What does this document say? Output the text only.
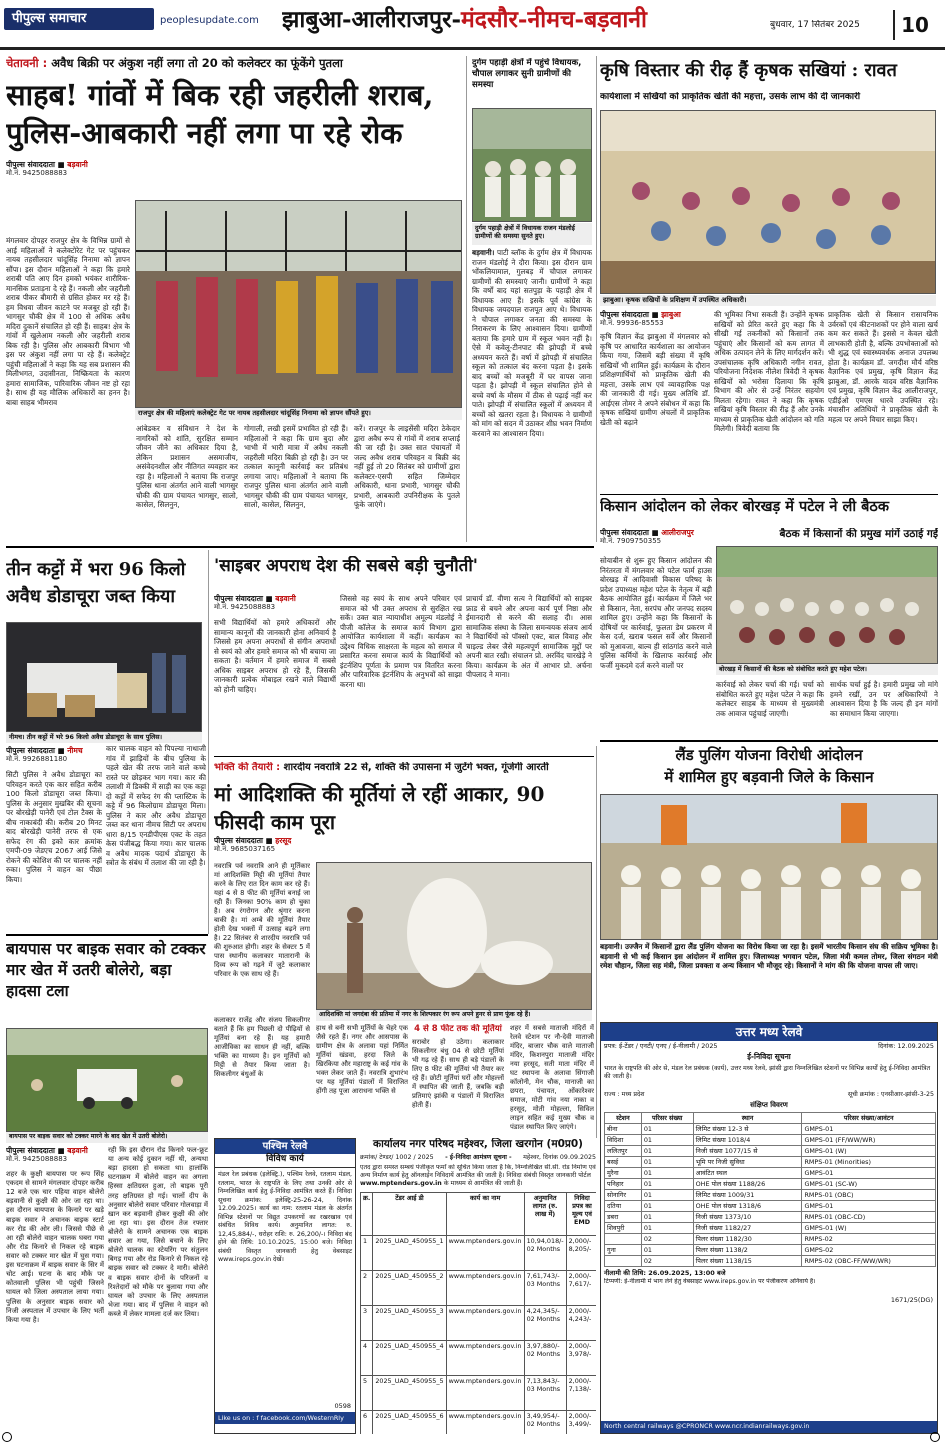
पीपुल्स समाचार	peoplesupdate.com झाबुआ-आलीराजपुर-मंदसौर-नीमच-बड़वानी	बुधवार, 17 सितंबर 2025	10
चेतावनी : अवैध बिक्री पर अंकुश नहीं लगा तो 20 को कलेक्टर का फूंकेंगे पुतला
साहब! गांवों में बिक रही जहरीली शराब,
पुलिस-आबकारी नहीं लगा पा रहे रोक
पीपुल्स संवाददाता ■ बड़वानी
मो.नं. 9425088883
राजपुर क्षेत्र की महिलाएं कलेक्ट्रेट गेट पर नायब तहसीलदार चांदूसिंह निनामा को ज्ञापन सौंपते हुए।
मंगलवार दोपहर राजपुर क्षेत्र के विभिन्न ग्रामों से आई महिलाओं ने कलेक्टोरेट गेट पर पहुंचकर नायब तहसीलदार चांदूसिंह निनामा को ज्ञापन सौंपा। इस दौरान महिलाओं ने कहा कि हमारे शराबी पति आए दिन हमको भयंकर शारीरिक-मानसिक प्रताड़ना दे रहे हैं। नकली और जहरीली शराब पीकर बीमारी से ग्रसित होकर मर रहे हैं। हम विधवा जीवन काटने पर मजबूर हो रही हैं। भागसुर चौकी क्षेत्र में 100 से अधिक अवैध मदिरा दुकानें संचालित हो रही हैं। साहब! क्षेत्र के गांवों में खुलेआम नकली और जहरीली शराब बिक रही है। पुलिस और आबकारी विभाग भी इस पर अंकुश नहीं लगा पा रहे हैं। कलेक्ट्रेट पहुंची महिलाओं ने कहा कि यह सब प्रशासन की मिलीभगत, उदासीनता, निष्क्रियता के कारण हमारा सामाजिक, पारिवारिक जीवन नष्ट हो रहा है। साथ ही यह मौलिक अधिकारों का हनन है। बाबा साहब भीमराव
आंबेडकर व संविधान ने देश के नागरिकों को शांति, सुरक्षित सम्मान जीवन जीने का अधिकार दिया है, लेकिन प्रशासन असमाजीय, असंवेदनशील और नीतिगत व्यवहार कर रहा है। महिलाओं ने बताया कि राजपुर पुलिस थाना अंतर्गत आने वाली भागसुर चौकी की ग्राम पंचायत भागसुर, सालो, कासेल, सिलनुन,
गोगाली, लखी इसमें प्रभावित हो रही हैं। महिलाओं ने कहा कि ग्राम बुदा और भाभी में भारी मात्रा में अवैध नकली जहरीली मदिरा बिक्री हो रही है। उन पर तत्काल कानूनी कार्रवाई कर प्रतिबंध लगाया जाए। महिलाओं ने बताया कि राजपुर पुलिस थाना अंतर्गत आने वाली भागसुर चौकी की ग्राम पंचायत भागसुर, सालो, कासेल, सिलनुन,
करें। राजपुर के लाइसेंसी मदिरा ठेकेदार द्वारा अवैध रूप से गांवों में शराब सप्लाई की जा रही है। उक्त सात पंचायतों में जल्द अवैध शराब परिवहन व बिक्री बंद नहीं हुई तो 20 सितंबर को ग्रामीणों द्वारा कलेक्टर-एसपी सहित जिम्मेदार अधिकारी, थाना प्रभारी, भागसुर चौकी प्रभारी, आबकारी उपनिरीक्षक के पुतले फूंके जाएंगे।
दुर्गम पहाड़ी क्षेत्रों में पहुंचे विधायक, चौपाल लगाकर सुनी ग्रामीणों की समस्या
दुर्गम पहाड़ी क्षेत्रों में विधायक राजन मंडलोई ग्रामीणों की समस्या सुनते हुए।
बड़वानी। पाटी ब्लॉक के दुर्गम क्षेत्र में विधायक राजन मंडलोई ने दौरा किया। इस दौरान ग्राम भोंकलियामाल, गुलबड़ में चौपाल लगाकर ग्रामीणों की समस्याएं जानी। ग्रामीणों ने कहा कि वर्षों बाद यहां सतपुड़ा के पहाड़ी क्षेत्र में विधायक आए हैं। इसके पूर्व कांग्रेस के विधायक जयदयाल राजपूत आए थे। विधायक ने चौपाल लगाकर जनता की समस्या के निराकरण के लिए आश्वासन दिया। ग्रामीणों बताया कि हमारे ग्राम में स्कूल भवन नहीं है। ऐसे में कवेलू-टीनपाट की झोपड़ी में बच्चे अध्ययन करते हैं। वर्षा में झोपड़ी में संचालित स्कूल को तत्काल बंद करना पड़ता है। इसके बाद बच्चों को मजबूरी में घर वापस जाना पड़ता है। झोपड़ी में स्कूल संचालित होने से बच्चे वर्षा के मौसम में ठीक से पढ़ाई नहीं कर पाते। झोपड़ी में संचालित स्कूलों में अध्ययन में बच्चों को खतरा रहता है। विधायक ने ग्रामीणों को मांग को सदन में उठाकर शीघ्र भवन निर्माण करवाने का आश्वासन दिया।
कृषि विस्तार की रीढ़ हैं कृषक सखियां : रावत
कार्यशाला में सखियों को प्राकृतिक खेती की महत्ता, उसके लाभ की दी जानकारी
झाबुआ। कृषक सखियों के प्रशिक्षण में उपस्थित अधिकारी।
पीपुल्स संवाददाता ■ झाबुआ
मो.नं. 99936-85553
कृषि विज्ञान केंद्र झाबुआ में मंगलवार को कृषि पर आधारित कार्यशाला का आयोजन किया गया, जिसमें बड़ी संख्या में कृषि सखियों भी शामिल हुई। कार्यक्रम के दौरान प्रशिक्षणार्थियों को प्राकृतिक खेती की महत्ता, उसके लाभ एवं व्यावहारिक पक्ष की जानकारी दी गई। मुख्य अतिथि डॉ. आईएस तोमर ने अपने संबोधन में कहा कि कृषक सखियां ग्रामीण अंचलों में प्राकृतिक खेती को बढ़ाने
की भूमिका निभा सकती हैं। उन्होंने कृषक सखियों को प्रेरित करते हुए कहा कि वे सीखी गई तकनीकों को किसानों तक पहुंचाएं और किसानों को कम लागत में अधिक उत्पादन लेने के लिए मार्गदर्शन करें। उपसंचालक कृषि अधिकारी नगीन रावत, परियोजना निदेशक नीलेश त्रिवेदी ने कृषक सखियों को भरोसा दिलाया कि कृषि विभाग की ओर से उन्हें निरंतर सहयोग मिलता रहेगा। रावत ने कहा कि कृषक सखियां कृषि विस्तार की रीढ़ हैं और उनके माध्यम से प्राकृतिक खेती आंदोलन को गति मिलेगी। त्रिवेदी बताया कि
प्राकृतिक खेती से किसान रासायनिक उर्वरकों एवं कीटनाशकों पर होने वाला खर्च कम कर सकते हैं। इससे न केवल खेती लाभकारी होती है, बल्कि उपभोक्ताओं को भी शुद्ध एवं स्वास्थ्यवर्धक अनाज उपलब्ध होता है। कार्यक्रम डॉ. जगदीश मौर्य वरिष्ठ वैज्ञानिक एवं प्रमुख, कृषि विज्ञान केंद्र झाबुआ, डॉ. आरके यादव वरिष्ठ वैज्ञानिक एवं प्रमुख, कृषि विज्ञान केंद्र आलीराजपुर, एडीईओ एमएस धारवे उपस्थित रहे। मंचासीन अतिथियों ने प्राकृतिक खेती के महत्व पर अपने विचार साझा किए।
किसान आंदोलन को लेकर बोरखड़ में पटेल ने ली बैठक
पीपुल्स संवाददाता ■ आलीराजपुर
मो.नं. 7909750355
बैठक में किसानों की प्रमुख मांगें उठाई गईं
सोयाबीन से शुरू हुए किसान आंदोलन की निरंतरता में मंगलवार को पटेल फार्म हाउस बोरखड़ में आदिवासी विकास परिषद के प्रदेश उपाध्यक्ष महेश पटेल के नेतृत्व में बड़ी बैठक आयोजित हुई। कार्यक्रम में जिले भर से किसान, नेता, सरपंच और जनपद सदस्य शामिल हुए। उन्होंने कहा कि किसानों के दोषियों पर कार्रवाई, फुलता डेम प्रकरण में केस दर्ज, खराब फसल सर्वे और किसानों को मुआवजा, बाल्व ही सांठगांठ करने वाले पुलिस कर्मियों के खिलाफ कार्रवाई और फर्जी मुकदमे दर्ज करने वालों पर	बोरखड़ में किसानों की बैठक को संबोधित करते हुए महेश पटेल।
कार्रवाई को लेकर चर्चा की गई। चर्चा को संबोधित करते हुए महेश पटेल ने कहा कि कलेक्टर साहब के माध्यम से मुख्यमंत्री तक आवाज पहुंचाई जाएगी।
सार्थक चर्चा हुई है। हमारी प्रमुख जो मांगे हमने रखीं, उन पर अधिकारियों ने आश्वासन दिया है कि जल्द ही इन मांगों का समाधान किया जाएगा।
तीन कट्टों में भरा 96 किलो अवैध डोडाचूरा जब्त किया
नीमच। तीन कट्टों में भरे 96 किलो अवैध डोडाचूरा के साथ पुलिस।
पीपुल्स संवाददाता ■ नीमच
मो.नं. 9926881180
सिटी पुलिस ने अवैध डोडाचूरा का परिवहन करते एक कार सहित करीब 100 किलो डोडाचूरा जब्त किया। पुलिस के अनुसार मुखबिर की सूचना पर बोरखेड़ी पानेरी एवं टोल टैक्स के बीच नाकाबंदी की। करीब 20 मिनट बाद बोरखेड़ी पानेरी तरफ से एक सफेद रंग की इको कार क्रमांक एमपी-09 जेडएच 2067 आई जिसे रोकने की कोशिश की पर चालक नहीं रुका। पुलिस ने वाहन का पीछा किया।
कार चालक वाहन को पिपल्या नाथाजी गांव में झाड़ियों के बीच पुलिया के पहले खेत की तरफ जाने वाले कच्चे रास्ते पर छोड़कर भाग गया। कार की तलाशी में डिक्की में साड़ी का एक कट्टा दो कट्टों में सफेद रंग की प्लास्टिक के कट्टे में 96 किलोग्राम डोडाचूरा मिला। पुलिस ने कार और अवैध डोडाचूरा जब्त कर थाना नीमच सिटी पर अपराध धारा 8/15 एनडीपीएस एक्ट के तहत केस पंजीबद्ध किया गया। कार चालक व अवैध मादक पदार्थ डोडाचूरा के स्त्रोत के संबंध में तलाश की जा रही है।
'साइबर अपराध देश की सबसे बड़ी चुनौती'
पीपुल्स संवाददाता ■ बड़वानी
मो.नं. 9425088883
सभी विद्यार्थियों को हमारे अधिकारों और सामान्य कानूनों की जानकारी होना अनिवार्य है जिससे हम अपना अपराधों से संगीन अपराधों से स्वयं को और हमारे समाज को भी बचाया जा सकता है। वर्तमान में हमारे समाज में सबसे अधिक साइबर अपराध हो रहे हैं, जिसकी जानकारी प्रत्येक मोबाइल रखने वाले विद्यार्थी को होनी चाहिए।
जिससे वह स्वयं के साथ अपने परिवार एवं समाज को भी उक्त अपराध से सुरक्षित रख सकें। उक्त बात न्यायाधीश अमूल्य मंडलोई ने पीजी कॉलेज के समाज कार्य विभाग द्वारा आयोजित कार्यशाला में कहीं। कार्यक्रम का उद्देश्य विधिक साक्षरता के महत्व को समाज में प्रसारित करना समाज कार्य के विद्यार्थियों को इंटर्नशिप पूर्णता के प्रमाण पत्र वितरित करना और पारिवारिक इंटर्नशिप के अनुभवों को साझा करना था।
प्राचार्य डॉ. वीणा सत्य ने विद्यार्थियों को साइबर फ्राड से बचने और अपना कार्य पूर्ण निष्ठा और ईमानदारी से करने की सलाह दी। आस सामाजिक संस्था के जिला समन्वयक संजय आर्य ने विद्यार्थियों को पॉक्सो एक्ट, बाल विवाह और चाइल्ड लेबर जैसे महत्वपूर्ण सामाजिक मुद्दों पर अपनी बात रखी। संचालन प्रो. अरविंद चारखेड़े ने किया। कार्यक्रम के अंत में आभार प्रो. अर्चना पीपलाद ने माना।
भक्ति की तैयारी : शारदीय नवरात्रि 22 से, शक्ति की उपासना में जुटेंगे भक्त, गूंजेगी आरती
मां आदिशक्ति की मूर्तियां ले रहीं आकार, 90 फीसदी काम पूरा
पीपुल्स संवाददाता ■ हरसूद
मो.नं. 9685037165
नवरात्रि पर्व नवरात्रि आने ही मूर्तिकार मां आदिशक्ति मिट्टी की मूर्तियां तैयार करने के लिए रात दिन काम कर रहे हैं। यहां 4 से 8 फीट की मूर्तियां बनाई जा रही हैं। जिनका 90% काम हो चुका है। अब रंगरोगन और श्रृंगार करना बाकी है। मां अम्बे की मूर्तियां तैयार होती देख भक्तों में उत्साह बढ़ने लगा है। 22 सितंबर से शारदीय नवरात्रि पर्व की शुरुआत होगी। शहर के सेक्टर 5 में पास स्थानीय कलाकार मातारानी के दिव्य रूप को गढ़ने में जुटे कलाकार परिवार के एक साथ रहे हैं।
आदिशक्ति मां जगदंबा की प्रतिमा में नगर के शिल्पकार रंग रूप अपने हुनर से प्राण फूंक रहे हैं।
कलाकार राजेंद्र और संजय सिकलीगर बताते हैं कि हम पिछली दो पीढ़ियों से मूर्तियां बना रहे हैं। यह हमारी आजीविका का साधन ही नहीं, बल्कि भक्ति का माध्यम है। इन मूर्तियों को मिट्टी से तैयार किया जाता है। सिकलीगर बंधुओं के
हाथ से बनी सभी मूर्तियों के चेहरे एक जैसे रहते हैं। नगर और आसपास के ग्रामीण क्षेत्र के अलावा यहां निर्मित मूर्तियां खंडवा, हरदा जिले के खिरकिया और महाराष्ट्र के कई गांव के भक्त लेकर जाते हैं। नवरात्रि शुभारंभ पर यह मूर्तियां पंडालों में विराजित होंगी तह पूजा आराधना भक्ति से
4 से 8 फीट तक की मूर्तियां
सराबोर हो उठेगा। कलाकार सिकलीगर बंधु 04 से छोटी मूर्तियां भी गढ़ रहे हैं। साथ ही बड़े पंडालों के लिए 8 फीट की मूर्तियां भी तैयार कर रहे हैं। छोटी मूर्तियां घरों और मोहल्लों में स्थापित की जाती हैं, जबकि बड़ी प्रतिमाएं झांकी व पंडालों में विराजित होती हैं।
शहर में सबसे माताजी मंदिरों में रेलवे स्टेशन पर नौ-देवी माताजी मंदिर, बाजार चौक वाले माताजी मंदिर, किशनपुरा माताजी मंदिर नया हरसूद, सती माता मंदिर में घट स्थापना के अलावा सिंगाजी कॉलोनी, मेन चौक, मानाजी का छपरा, पंचायत, ओंकारेश्वर समाज, मोटी गांव नया नाका व हरसूद, मोती मोहल्ला, सिविल लाइन सहित कई मुख्य चौक व पंडाल स्थापित किए जाएंगे।
लैंड पुलिंग योजना विरोधी आंदोलन
में शामिल हुए बड़वानी जिले के किसान
बड़वानी। उज्जैन में किसानों द्वारा लैंड पुलिंग योजना का विरोध किया जा रहा है। इसमें भारतीय किसान संघ की सक्रिय भूमिका है। बड़वानी से भी कई किसान इस आंदोलन में शामिल हुए। जिलाध्यक्ष भगवान पटेल, जिला मंत्री कमल तोमर, जिला संगठन मंत्री रमेश चौहान, जिला सह मंत्री, जिला प्रवक्ता व अन्य किसान भी मौजूद रहे। किसानों ने मांग की कि योजना वापस ली जाए।
बायपास पर बाइक सवार को टक्कर मार खेत में उतरी बोलेरो, बड़ा हादसा टला
बायपास पर बाइक सवार को टक्कर मारने के बाद खेत में उतरी बोलेरो।
पीपुल्स संवाददाता ■ बड़वानी
मो.नं. 9425088883
शहर के कुक्षी बायपास पर रूप सिंह एकदम से सामने मंगलवार दोपहर करीब 12 बजे एक चार पहिया वाहन बोलेरो बड़वानी से कुक्षी की ओर जा रहा था। इस दौरान बायपास के किनारे पर खड़े बाइक सवार ने अचानक बाइक स्टार्ट कर रोड की ओर ली। जिससे पीछे से आ रही बोलेरो वाहन चालक घबरा गया और रोड किनारे से निकल रहे बाइक सवार को टक्कर मार खेत में घुस गया। इस घटनाक्रम में बाइक सवार के सिर में चोट आई। घटना के बाद मौके पर कोतवाली पुलिस भी पहुंची जिसने घायल को जिला अस्पताल लाया गया। पुलिस के अनुसार बाइक सवार को निजी अस्पताल में उपचार के लिए भर्ती किया गया है।
रही कि इस दौरान रोड किनारे फल-फ्रूट या अन्य कोई दुकान नहीं थी, अन्यथा बड़ा हादसा हो सकता था। हालांकि घटनाक्रम में बोलेरो वाहन का अगला हिस्सा क्षतिग्रस्त हुआ, तो बाइक पूरी तरह क्षतिग्रस्त हो गई। चालों दीप के अनुसार बोलेरो सवार परिवार गोलवाड़ा में खान कर बड़वानी होकर कुक्षी की ओर जा रहा था। इस दौरान तेज रफ्तार बोलेरो के सामने अचानक एक बाइक सवार आ गया, जिसे बचाने के लिए बोलेरो चालक का स्टेयरिंग पर संतुलन बिगड़ गया और रोड किनारे से निकल रहे बाइक सवार को टक्कर दे मारी। बोलेरो व बाइक सवार दोनों के परिजनों व रिश्तेदारों को मौके पर बुलाया गया और घायल को उपचार के लिए अस्पताल भेजा गया। बाद में पुलिस ने वाहन को कब्जे में लेकर मामला दर्ज कर लिया।
पश्चिम रेलवे
विविध कार्य
मंडल रेल प्रबंधक (इलेक्ट्रि.), पश्चिम रेलवे, रतलाम मंडल, रतलाम, भारत के राष्ट्रपति के लिए तथा उनकी ओर से निम्नलिखित कार्य हेतु ई-निविदा आमंत्रित करते हैं। निविदा सूचना क्रमांक: इलेक्ट्रि-25-26-24, दिनांक 12.09.2025। कार्य का नाम: रतलाम मंडल के अंतर्गत विभिन्न स्टेशनों पर विद्युत उपकरणों का रखरखाव एवं संबंधित विविध कार्य। अनुमानित लागत: रु. 12,45,884/-, धरोहर राशि: रु. 26,200/-। निविदा बंद होने की तिथि: 10.10.2025, 15:00 बजे। निविदा संबंधी विस्तृत जानकारी हेतु वेबसाइट www.ireps.gov.in देखें।
0598
Like us on : f facebook.com/WesternRly
कार्यालय नगर परिषद महेश्वर, जिला खरगोन (म0प्र0)
क्रमांक/ टेण्डर/ 1002 / 2025 - ई-निविदा आमंत्रण सूचना - महेश्वर, दिनांक 09.09.2025
एतद द्वारा समस्त सम्बधं पंजीकृत फर्मों को सूचित किया जाता है कि, निम्नलिखित सी.सी. रोड निर्माण एवं अन्य निर्माण कार्य हेतु ऑनलाईन निविदायें आमंत्रित की जाती है। निविदा संबंधी विस्तृत जानकारी पोर्टल www.mptenders.gov.in के माध्यम से आमंत्रित की जाती हैं।
क्र.	टेंडर आई डी	कार्य का नाम	अनुमानित लागत (रु. लाख में)	निविदा प्रपत्र का मूल्य एवं EMD	
1	2025_UAD_450955_1	www.mptenders.gov.in	10,94,018/- 02 Months	2,000/- 8,205/-	
2	2025_UAD_450955_2	www.mptenders.gov.in	7,61,743/- 03 Months	2,000/- 7,617/-	
3	2025_UAD_450955_3	www.mptenders.gov.in	4,24,345/- 02 Months	2,000/- 4,243/-	
4	2025_UAD_450955_4	www.mptenders.gov.in	3,97,880/- 02 Months	2,000/- 3,978/-	
5	2025_UAD_450955_5	www.mptenders.gov.in	7,13,843/- 03 Months	2,000/- 7,138/-	
6	2025_UAD_450955_6	www.mptenders.gov.in	3,49,954/- 02 Months	2,000/- 3,499/-	

उत्तर मध्य रेलवे
प्रपत्र: ई-टेंडर / एनटी/ एनए / ई-नीलामी / 2025	दिनांक: 12.09.2025
ई-निविदा सूचना
भारत के राष्ट्रपति की ओर से, मंडल रेल प्रबंधक (कार्य), उत्तर मध्य रेलवे, झांसी द्वारा निम्नलिखित स्टेशनों पर विभिन्न कार्यों हेतु ई-निविदा आमंत्रित की जाती है।
राज्य : मध्य प्रदेश	सूची क्रमांक : एनसीआर-झांसी-3-25
संक्षिप्त विवरण
स्टेशन	परिसर संख्या	स्थान	परिसर संख्या/आवंटन
बीना	01	लिमिट संख्या 12-3 से	GMPS-01
विदिशा	01	लिमिट संख्या 1018/4	GMPS-01 (FF/WW/WR)
ललितपुर	01	निजी संख्या 1077/15 से	GMPS-01 (W)
बसई	01	भूमि पर निजी सुविधा	RMPS-01 (Minorities)
मुरैना	01	आवंटित स्थल	GMPS-01
पनिहार	01	OHE पोल संख्या 1188/26	GMPS-01 (SC-W)
सोनागिर	01	लिमिट संख्या 1009/31	RMPS-01 (OBC)
दतिया	01	OHE पोल संख्या 1318/6	GMPS-01
डबरा	01	निजी संख्या 1373/10	RMPS-01 (OBC-CD)
शिवपुरी	01	निजी संख्या 1182/27	GMPS-01 (W)
	02	पिलर संख्या 1182/30	RMPS-02
गुना	01	पिलर संख्या 1138/2	GMPS-02
	02	पिलर संख्या 1138/15	RMPS-02 (OBC-FF/WW/WR)
नीलामी की तिथि: 26.09.2025, 13:00 बजे
टिप्पणी: ई-नीलामी में भाग लेने हेतु वेबसाइट www.ireps.gov.in पर पंजीकरण अनिवार्य है।
1671/25(DG)
North central railways @CPRONCR www.ncr.indianrailways.gov.in
